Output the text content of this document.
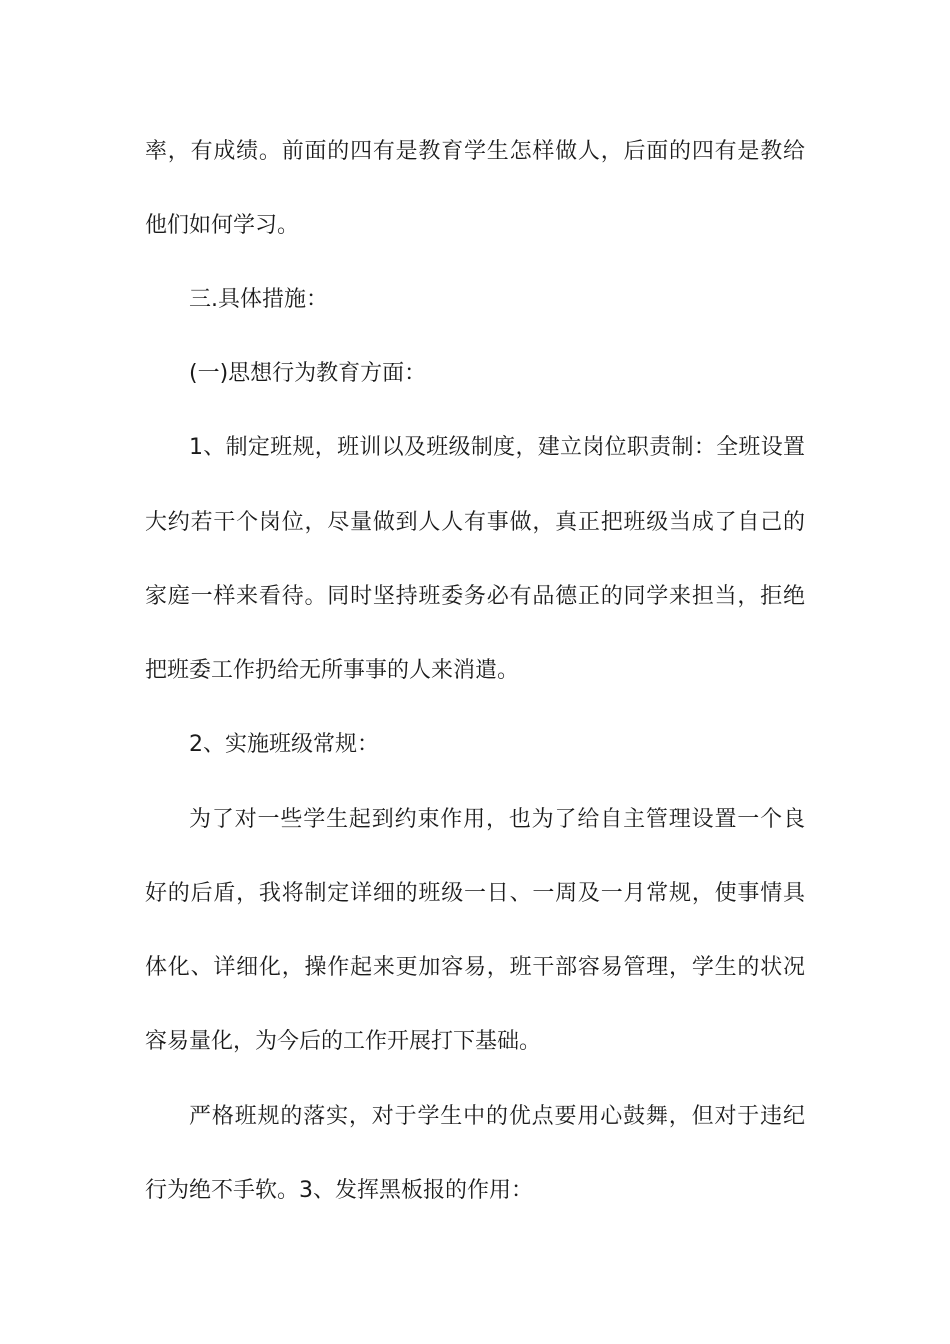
率，有成绩。前面的四有是教育学生怎样做人，后面的四有是教给
他们如何学习。
三.具体措施：
(一)思想行为教育方面：
1、制定班规，班训以及班级制度，建立岗位职责制：全班设置
大约若干个岗位，尽量做到人人有事做，真正把班级当成了自己的
家庭一样来看待。同时坚持班委务必有品德正的同学来担当，拒绝
把班委工作扔给无所事事的人来消遣。
2、实施班级常规：
为了对一些学生起到约束作用，也为了给自主管理设置一个良
好的后盾，我将制定详细的班级一日、一周及一月常规，使事情具
体化、详细化，操作起来更加容易，班干部容易管理，学生的状况
容易量化，为今后的工作开展打下基础。
严格班规的落实，对于学生中的优点要用心鼓舞，但对于违纪
行为绝不手软。3、发挥黑板报的作用：
